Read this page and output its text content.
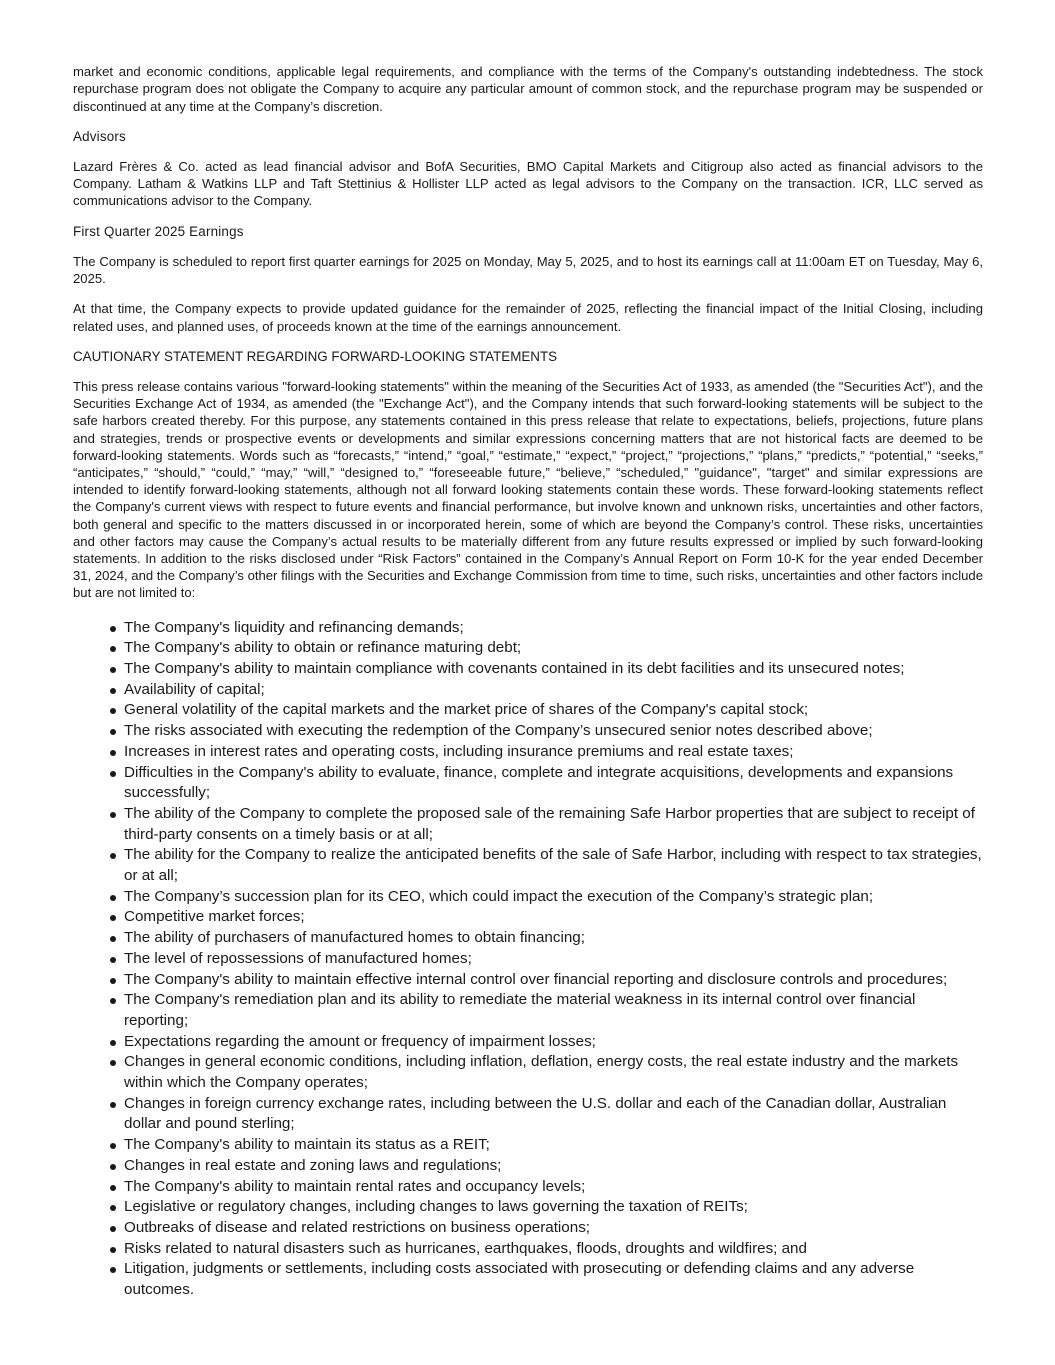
market and economic conditions, applicable legal requirements, and compliance with the terms of the Company's outstanding indebtedness. The stock repurchase program does not obligate the Company to acquire any particular amount of common stock, and the repurchase program may be suspended or discontinued at any time at the Company’s discretion.

Advisors

Lazard Frères & Co. acted as lead financial advisor and BofA Securities, BMO Capital Markets and Citigroup also acted as financial advisors to the Company. Latham & Watkins LLP and Taft Stettinius & Hollister LLP acted as legal advisors to the Company on the transaction. ICR, LLC served as communications advisor to the Company.

First Quarter 2025 Earnings

The Company is scheduled to report first quarter earnings for 2025 on Monday, May 5, 2025, and to host its earnings call at 11:00am ET on Tuesday, May 6, 2025.

At that time, the Company expects to provide updated guidance for the remainder of 2025, reflecting the financial impact of the Initial Closing, including related uses, and planned uses, of proceeds known at the time of the earnings announcement.

CAUTIONARY STATEMENT REGARDING FORWARD-LOOKING STATEMENTS

This press release contains various "forward-looking statements" within the meaning of the Securities Act of 1933, as amended (the "Securities Act"), and the Securities Exchange Act of 1934, as amended (the "Exchange Act"), and the Company intends that such forward-looking statements will be subject to the safe harbors created thereby. For this purpose, any statements contained in this press release that relate to expectations, beliefs, projections, future plans and strategies, trends or prospective events or developments and similar expressions concerning matters that are not historical facts are deemed to be forward-looking statements. Words such as “forecasts,” “intend,” “goal,” “estimate,” “expect,” “project,” “projections,” “plans,” “predicts,” “potential,” “seeks,” “anticipates,” “should,” “could,” “may,” “will,” “designed to,” “foreseeable future,” “believe,” “scheduled,” "guidance", "target" and similar expressions are intended to identify forward-looking statements, although not all forward looking statements contain these words. These forward-looking statements reflect the Company's current views with respect to future events and financial performance, but involve known and unknown risks, uncertainties and other factors, both general and specific to the matters discussed in or incorporated herein, some of which are beyond the Company’s control. These risks, uncertainties and other factors may cause the Company’s actual results to be materially different from any future results expressed or implied by such forward-looking statements. In addition to the risks disclosed under “Risk Factors” contained in the Company’s Annual Report on Form 10-K for the year ended December 31, 2024, and the Company’s other filings with the Securities and Exchange Commission from time to time, such risks, uncertainties and other factors include but are not limited to:

The Company's liquidity and refinancing demands;
The Company's ability to obtain or refinance maturing debt;
The Company's ability to maintain compliance with covenants contained in its debt facilities and its unsecured notes;
Availability of capital;
General volatility of the capital markets and the market price of shares of the Company's capital stock;
The risks associated with executing the redemption of the Company’s unsecured senior notes described above;
Increases in interest rates and operating costs, including insurance premiums and real estate taxes;
Difficulties in the Company's ability to evaluate, finance, complete and integrate acquisitions, developments and expansions successfully;
The ability of the Company to complete the proposed sale of the remaining Safe Harbor properties that are subject to receipt of third-party consents on a timely basis or at all;
The ability for the Company to realize the anticipated benefits of the sale of Safe Harbor, including with respect to tax strategies, or at all;
The Company’s succession plan for its CEO, which could impact the execution of the Company’s strategic plan;
Competitive market forces;
The ability of purchasers of manufactured homes to obtain financing;
The level of repossessions of manufactured homes;
The Company's ability to maintain effective internal control over financial reporting and disclosure controls and procedures;
The Company's remediation plan and its ability to remediate the material weakness in its internal control over financial reporting;
Expectations regarding the amount or frequency of impairment losses;
Changes in general economic conditions, including inflation, deflation, energy costs, the real estate industry and the markets within which the Company operates;
Changes in foreign currency exchange rates, including between the U.S. dollar and each of the Canadian dollar, Australian dollar and pound sterling;
The Company's ability to maintain its status as a REIT;
Changes in real estate and zoning laws and regulations;
The Company's ability to maintain rental rates and occupancy levels;
Legislative or regulatory changes, including changes to laws governing the taxation of REITs;
Outbreaks of disease and related restrictions on business operations;
Risks related to natural disasters such as hurricanes, earthquakes, floods, droughts and wildfires; and
Litigation, judgments or settlements, including costs associated with prosecuting or defending claims and any adverse outcomes.
